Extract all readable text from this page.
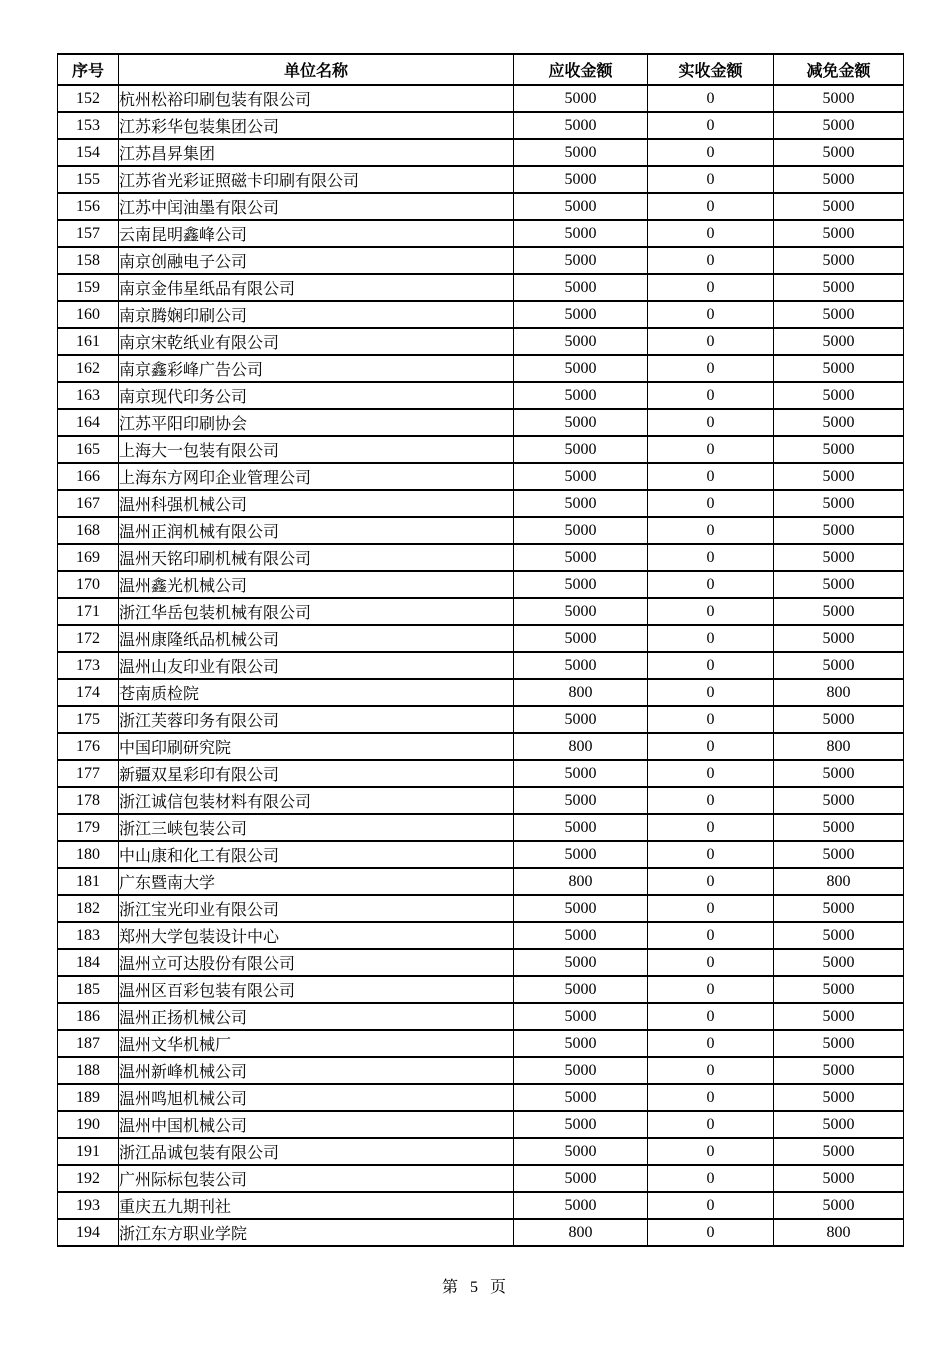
序号	单位名称	应收金额	实收金额	减免金额
152	杭州松裕印刷包装有限公司	5000	0	5000
153	江苏彩华包装集团公司	5000	0	5000
154	江苏昌昇集团	5000	0	5000
155	江苏省光彩证照磁卡印刷有限公司	5000	0	5000
156	江苏中闰油墨有限公司	5000	0	5000
157	云南昆明鑫峰公司	5000	0	5000
158	南京创融电子公司	5000	0	5000
159	南京金伟星纸品有限公司	5000	0	5000
160	南京腾娴印刷公司	5000	0	5000
161	南京宋乾纸业有限公司	5000	0	5000
162	南京鑫彩峰广告公司	5000	0	5000
163	南京现代印务公司	5000	0	5000
164	江苏平阳印刷协会	5000	0	5000
165	上海大一包装有限公司	5000	0	5000
166	上海东方网印企业管理公司	5000	0	5000
167	温州科强机械公司	5000	0	5000
168	温州正润机械有限公司	5000	0	5000
169	温州天铭印刷机械有限公司	5000	0	5000
170	温州鑫光机械公司	5000	0	5000
171	浙江华岳包装机械有限公司	5000	0	5000
172	温州康隆纸品机械公司	5000	0	5000
173	温州山友印业有限公司	5000	0	5000
174	苍南质检院	800	0	800
175	浙江芙蓉印务有限公司	5000	0	5000
176	中国印刷研究院	800	0	800
177	新疆双星彩印有限公司	5000	0	5000
178	浙江诚信包装材料有限公司	5000	0	5000
179	浙江三峡包装公司	5000	0	5000
180	中山康和化工有限公司	5000	0	5000
181	广东暨南大学	800	0	800
182	浙江宝光印业有限公司	5000	0	5000
183	郑州大学包装设计中心	5000	0	5000
184	温州立可达股份有限公司	5000	0	5000
185	温州区百彩包装有限公司	5000	0	5000
186	温州正扬机械公司	5000	0	5000
187	温州文华机械厂	5000	0	5000
188	温州新峰机械公司	5000	0	5000
189	温州鸣旭机械公司	5000	0	5000
190	温州中国机械公司	5000	0	5000
191	浙江品诚包装有限公司	5000	0	5000
192	广州际标包装公司	5000	0	5000
193	重庆五九期刊社	5000	0	5000
194	浙江东方职业学院	800	0	800
第 5 页
